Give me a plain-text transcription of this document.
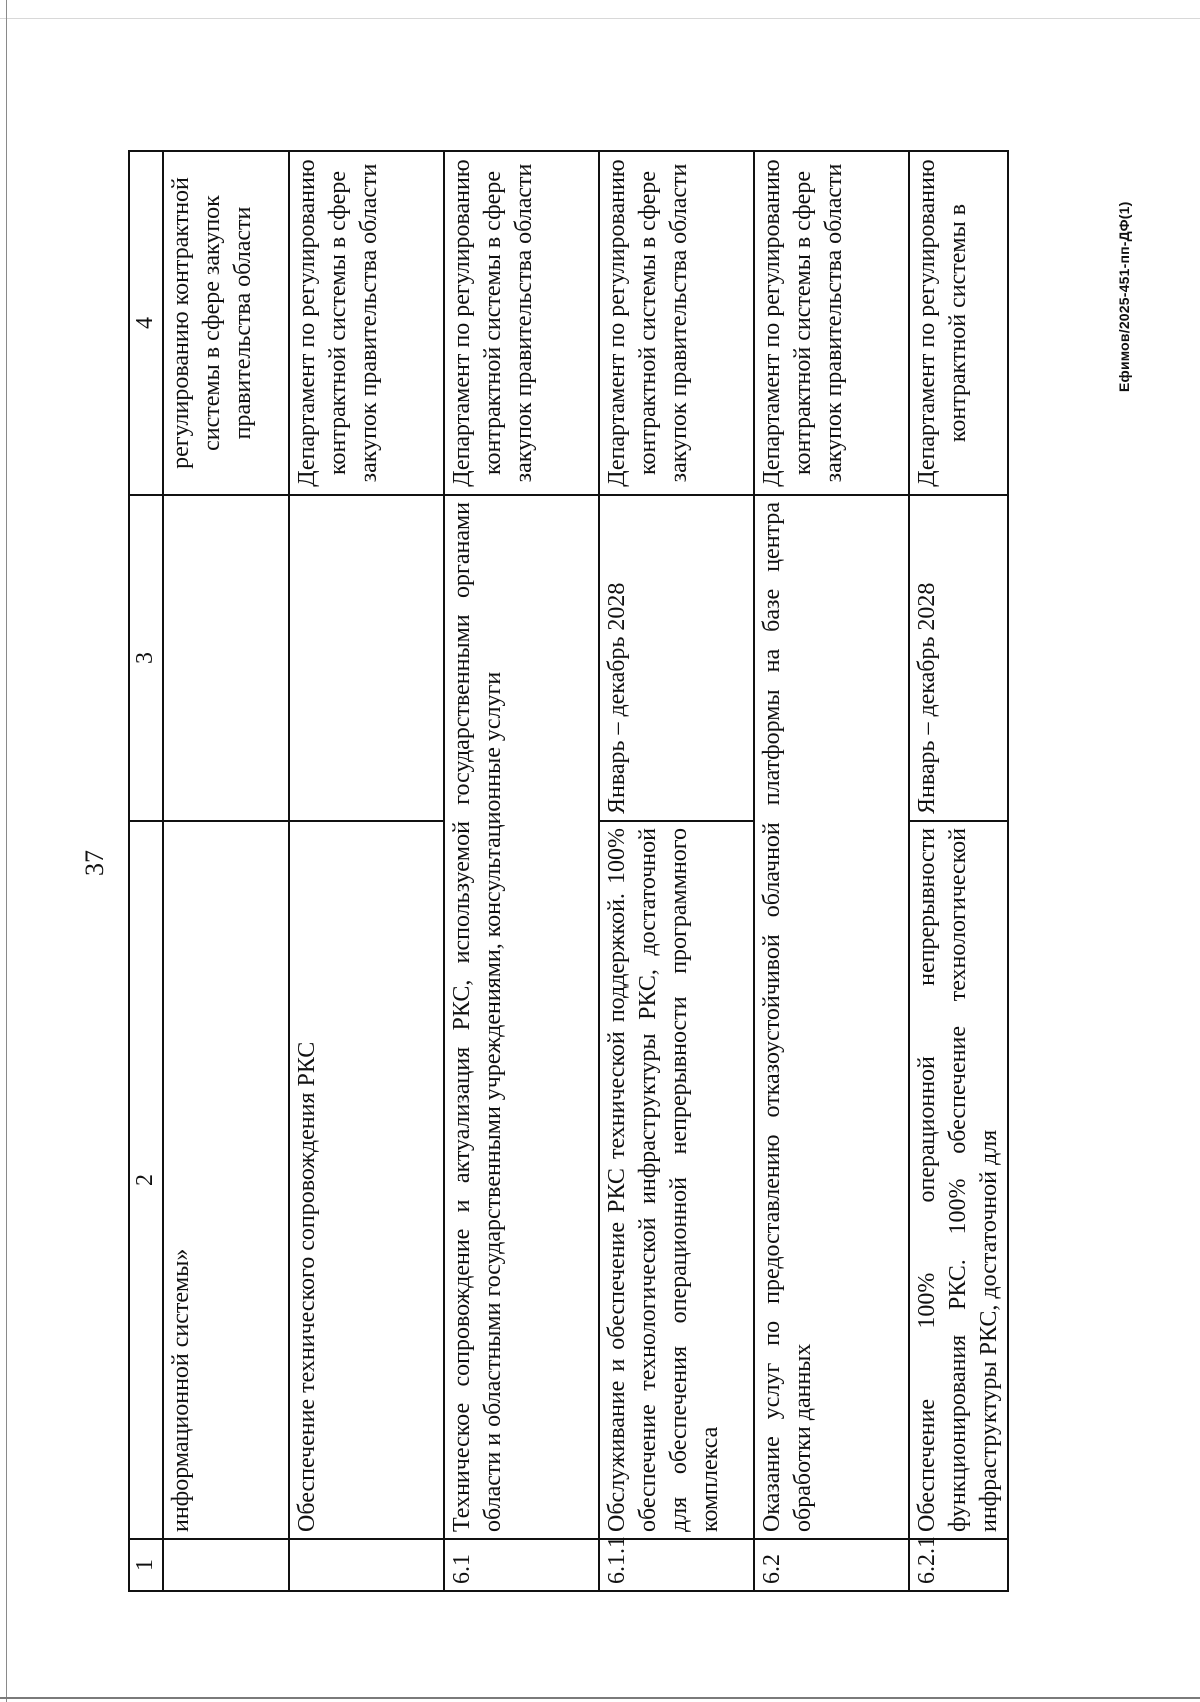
37
1	2	3	4
	информационной системы»		регулированию контрактной системы в сфере закупок правительства области
	Обеспечение технического сопровождения РКС		Департамент по регулированию контрактной системы в сфере закупок правительства области
6.1	Техническое сопровождение и актуализация РКС, используемой государственными органами области и областными государственными учреждениями, консультационные услуги		Департамент по регулированию контрактной системы в сфере закупок правительства области
6.1.1	Обслуживание и обеспечение РКС технической поддержкой. 100% обеспечение технологической инфраструктуры РКС, достаточной для обеспечения операционной непрерывности программного комплекса	Январь – декабрь 2028	Департамент по регулированию контрактной системы в сфере закупок правительства области
6.2	Оказание услуг по предоставлению отказоустойчивой облачной платформы на базе центра обработки данных		Департамент по регулированию контрактной системы в сфере закупок правительства области
6.2.1	Обеспечение 100% операционной непрерывности функционирования РКС. 100% обеспечение технологической инфраструктуры РКС, достаточной для	Январь – декабрь 2028	Департамент по регулированию контрактной системы в	Ефимов/2025-451-пп-ДФ(1)
